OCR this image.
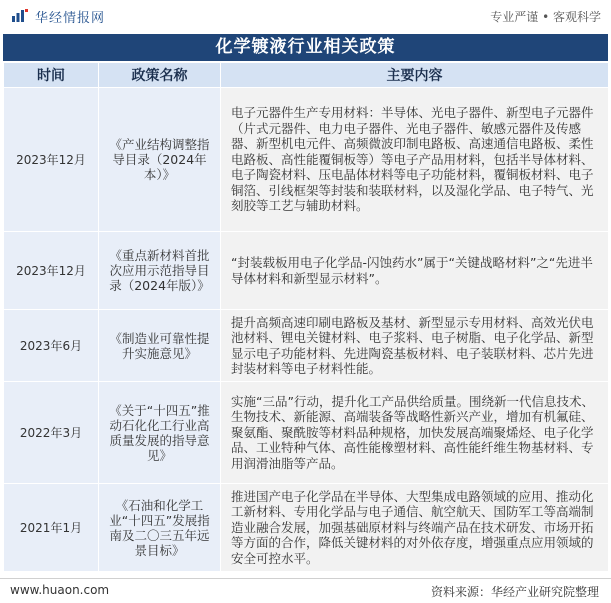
华经情报网	专业严谨 • 客观科学
化学镀液行业相关政策
时间	政策名称	主要内容
2023年12月	《产业结构调整指导目录（2024年本）》	电子元器件生产专用材料：半导体、光电子器件、新型电子元器件（片式元器件、电力电子器件、光电子器件、敏感元器件及传感器、新型机电元件、高频微波印制电路板、高速通信电路板、柔性电路板、高性能覆铜板等）等电子产品用材料，包括半导体材料、电子陶瓷材料、压电晶体材料等电子功能材料，覆铜板材料、电子铜箔、引线框架等封装和装联材料，以及湿化学品、电子特气、光刻胶等工艺与辅助材料。
2023年12月	《重点新材料首批次应用示范指导目录（2024年版）》	“封装载板用电子化学品-闪蚀药水”属于“关键战略材料”之“先进半导体材料和新型显示材料”。
2023年6月	《制造业可靠性提升实施意见》	提升高频高速印刷电路板及基材、新型显示专用材料、高效光伏电池材料、锂电关键材料、电子浆料、电子树脂、电子化学品、新型显示电子功能材料、先进陶瓷基板材料、电子装联材料、芯片先进封装材料等电子材料性能。
2022年3月	《关于“十四五”推动石化化工行业高质量发展的指导意见》	实施“三品”行动，提升化工产品供给质量。围绕新一代信息技术、生物技术、新能源、高端装备等战略性新兴产业，增加有机氟硅、聚氨酯、聚酰胺等材料品种规格，加快发展高端聚烯烃、电子化学品、工业特种气体、高性能橡塑材料、高性能纤维生物基材料、专用润滑油脂等产品。
2021年1月	《石油和化学工业“十四五”发展指南及二〇三五年远景目标》	推进国产电子化学品在半导体、大型集成电路领域的应用、推动化工新材料、专用化学品与电子通信、航空航天、国防军工等高端制造业融合发展，加强基础原材料与终端产品在技术研发、市场开拓等方面的合作，降低关键材料的对外依存度，增强重点应用领域的安全可控水平。
www.huaon.com	资料来源：华经产业研究院整理
